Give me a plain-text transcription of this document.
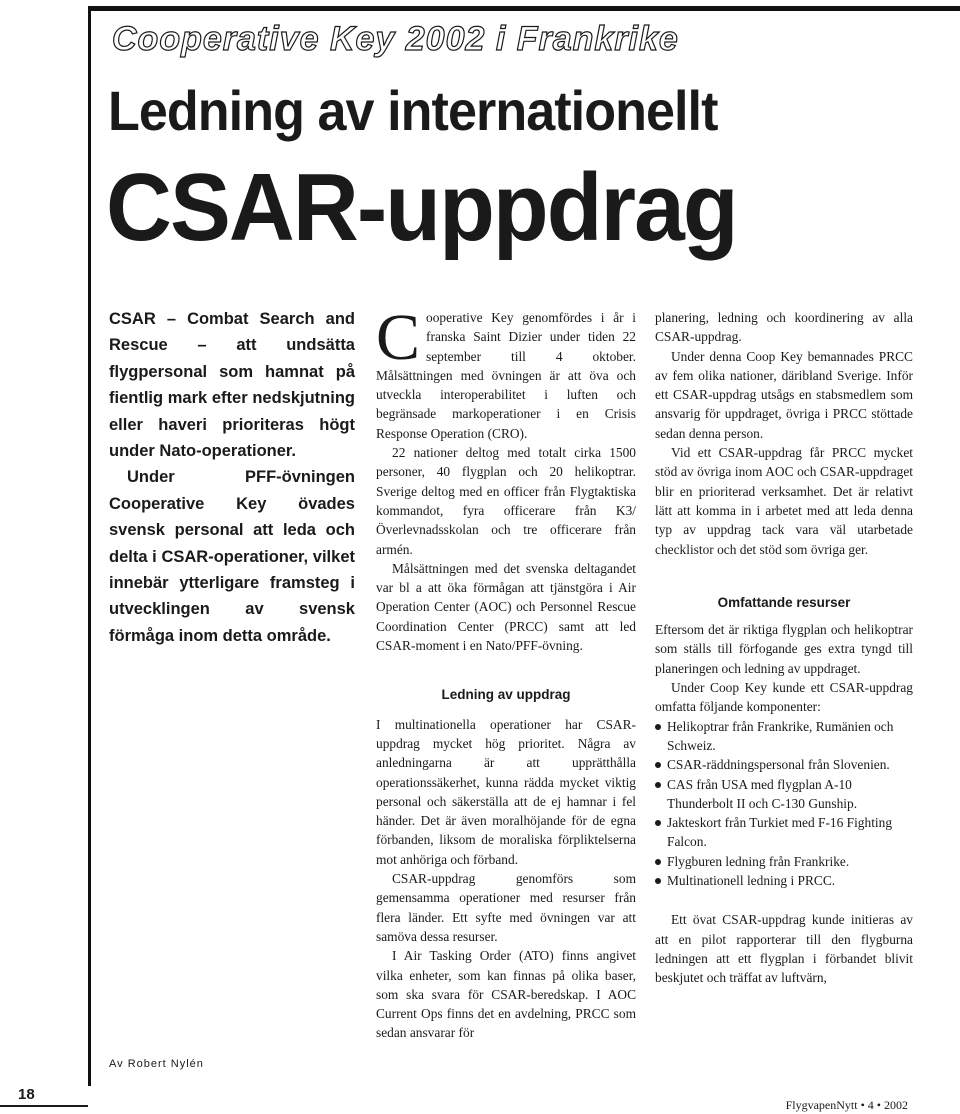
Cooperative Key 2002 i Frankrike
Ledning av internationellt
CSAR-uppdrag

CSAR – Combat Search and Rescue – att undsätta flygpersonal som hamnat på fientlig mark efter nedskjutning eller haveri prioriteras högt under Nato-operationer.

Under PFF-övningen Cooperative Key övades svensk personal att leda och delta i CSAR-operationer, vilket innebär ytterligare framsteg i utvecklingen av svensk förmåga inom detta område.

Av Robert Nylén

Cooperative Key genomfördes i år i franska Saint Dizier under tiden 22 september till 4 oktober. Målsättningen med övningen är att öva och utveckla interoperabilitet i luften och begränsade markoperationer i en Crisis Response Operation (CRO).

22 nationer deltog med totalt cirka 1500 personer, 40 flygplan och 20 helikoptrar. Sverige deltog med en officer från Flygtaktiska kommandot, fyra officerare från K3/Överlevnadsskolan och tre officerare från armén.

Målsättningen med det svenska deltagandet var bl a att öka förmågan att tjänstgöra i Air Operation Center (AOC) och Personnel Rescue Coordination Center (PRCC) samt att led CSAR-moment i en Nato/PFF-övning.

Ledning av uppdrag

I multinationella operationer har CSAR-uppdrag mycket hög prioritet. Några av anledningarna är att upprätthålla operationssäkerhet, kunna rädda mycket viktig personal och säkerställa att de ej hamnar i fel händer. Det är även moralhöjande för de egna förbanden, liksom de moraliska förpliktelserna mot anhöriga och förband.

CSAR-uppdrag genomförs som gemensamma operationer med resurser från flera länder. Ett syfte med övningen var att samöva dessa resurser.

I Air Tasking Order (ATO) finns angivet vilka enheter, som kan finnas på olika baser, som ska svara för CSAR-beredskap. I AOC Current Ops finns det en avdelning, PRCC som sedan ansvarar för

planering, ledning och koordinering av alla CSAR-uppdrag.

Under denna Coop Key bemannades PRCC av fem olika nationer, däribland Sverige. Inför ett CSAR-uppdrag utsågs en stabsmedlem som ansvarig för uppdraget, övriga i PRCC stöttade sedan denna person.

Vid ett CSAR-uppdrag får PRCC mycket stöd av övriga inom AOC och CSAR-uppdraget blir en prioriterad verksamhet. Det är relativt lätt att komma in i arbetet med att leda denna typ av uppdrag tack vara väl utarbetade checklistor och det stöd som övriga ger.

Omfattande resurser

Eftersom det är riktiga flygplan och helikoptrar som ställs till förfogande ges extra tyngd till planeringen och ledning av uppdraget.

Under Coop Key kunde ett CSAR-uppdrag omfatta följande komponenter:

Helikoptrar från Frankrike, Rumänien och Schweiz.
CSAR-räddningspersonal från Slovenien.
CAS från USA med flygplan A-10 Thunderbolt II och C-130 Gunship.
Jakteskort från Turkiet med F-16 Fighting Falcon.
Flygburen ledning från Frankrike.
Multinationell ledning i PRCC.

Ett övat CSAR-uppdrag kunde initieras av att en pilot rapporterar till den flygburna ledningen att ett flygplan i förbandet blivit beskjutet och träffat av luftvärn,

18

FlygvapenNytt • 4 • 2002
